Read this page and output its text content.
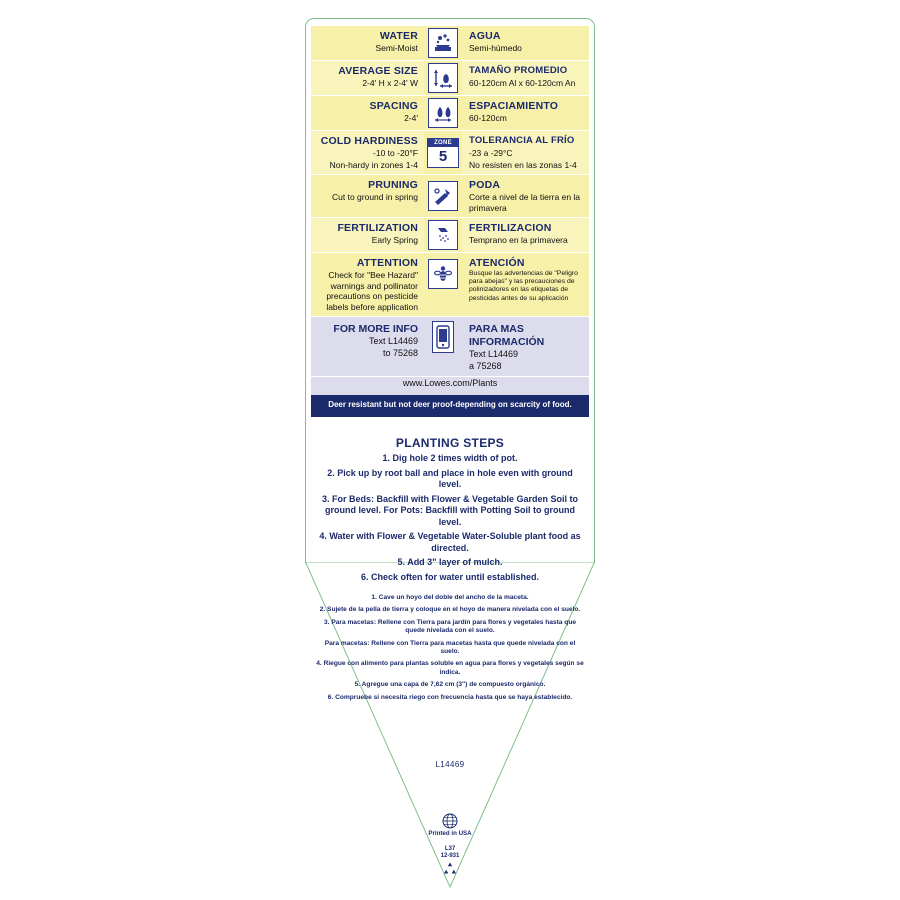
WATER
Semi-Moist
AGUA
Semi-húmedo
AVERAGE SIZE
2-4' H x 2-4' W
TAMAÑO PROMEDIO
60-120cm Al x 60-120cm An
SPACING
2-4'
ESPACIAMIENTO
60-120cm
COLD HARDINESS
-10 to -20°F
Non-hardy in zones 1-4
ZONE
5
TOLERANCIA AL FRÍO
-23 a -29°C
No resisten en las zonas 1-4
PRUNING
Cut to ground in spring
PODA
Corte a nivel de la tierra en la primavera
FERTILIZATION
Early Spring
FERTILIZACION
Temprano en la primavera
ATTENTION
Check for "Bee Hazard" warnings and pollinator precautions on pesticide labels before application
ATENCIÓN
Busque las advertencias de "Peligro para abejas" y las precauciones de polinizadores en las etiquetas de pesticidas antes de su aplicación
FOR MORE INFO
Text L14469
to 75268
PARA MAS INFORMACIÓN
Text L14469
a 75268
www.Lowes.com/Plants
Deer resistant but not deer proof-depending on scarcity of food.
PLANTING STEPS
1. Dig hole 2 times width of pot.
2. Pick up by root ball and place in hole even with ground level.
3. For Beds: Backfill with Flower & Vegetable Garden Soil to ground level. For Pots: Backfill with Potting Soil to ground level.
4. Water with Flower & Vegetable Water-Soluble plant food as directed.
5. Add 3" layer of mulch.
6. Check often for water until established.
1. Cave un hoyo del doble del ancho de la maceta.
2. Sujete de la pella de tierra y coloque en el hoyo de manera nivelada con el suelo.
3. Para macetas: Rellene con Tierra para jardín para flores y vegetales hasta que quede nivelada con el suelo.
Para macetas: Rellene con Tierra para macetas hasta que quede nivelada con el suelo.
4. Riegue con alimento para plantas soluble en agua para flores y vegetales según se indica.
5. Agregue una capa de 7,62 cm (3") de compuesto orgánico.
6. Compruebe si necesita riego con frecuencia hasta que se haya establecido.
L14469
Printed in USA
L37
12-931
